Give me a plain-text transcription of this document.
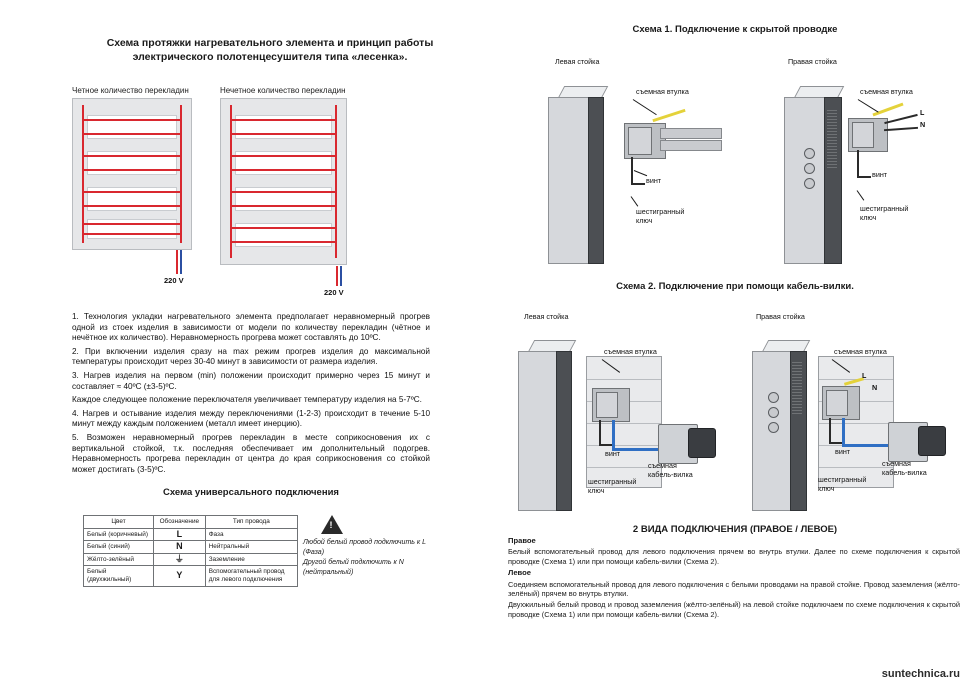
Схема протяжки нагревательного элемента и принцип работы электрического полотенцесушителя типа «лесенка».
Четное количество перекладин
220 V
Нечетное количество перекладин
220 V

1. Технология укладки нагревательного элемента предполагает неравномерный прогрев одной из стоек изделия в зависимости от модели по количеству перекладин (чётное и нечётное их количество). Неравномерность прогрева может составлять до 10ºС.

2. При включении изделия сразу на max режим прогрев изделия до максимальной температуры происходит через 30-40 минут в зависимости от размера изделия.

3. Нагрев изделия на первом (min) положении происходит примерно через 15 минут и составляет ≈ 40ºС (±3-5)ºС.

Каждое следующее положение переключателя увеличивает температуру изделия на 5-7ºС.

4. Нагрев и остывание изделия между переключениями (1-2-3) происходит в течение 5-10 минут между каждым положением (металл имеет инерцию).

5. Возможен неравномерный прогрев перекладин в месте соприкосновения их с вертикальной стойкой, т.к. последняя обеспечивает им дополнительный подогрев. Неравномерность прогрева перекладин от центра до края соприкосновения со стойкой может достигать (3-5)ºС.

Схема универсального подключения
Цвет	Обозначение	Тип провода
Белый (коричневый)	L	Фаза
Белый (синий)	N	Нейтральный
Жёлто-зелёный	⏚	Заземление
Белый (двухжильный)	Y	Вспомогательный провод для левого подключения
!
Любой белый провод подключить к L (Фаза)
Другой белый подключить к N (нейтральный)
Схема 1. Подключение к скрытой проводке
Левая стойка
съемная втулка
винт
шестигранный ключ
Правая стойка
L
N
съемная втулка
винт
шестигранный ключ
Схема 2. Подключение при помощи кабель-вилки.
Левая стойка
съемная втулка
винт
шестигранный ключ
съемная кабель-вилка
Правая стойка
L
N
съемная втулка
винт
шестигранный ключ
съемная кабель-вилка
2 ВИДА ПОДКЛЮЧЕНИЯ (ПРАВОЕ / ЛЕВОЕ)

Правое

Белый вспомогательный провод для левого подключения прячем во внутрь втулки. Далее по схеме подключения к скрытой проводке (Схема 1) или при помощи кабель-вилки (Схема 2).

Левое

Соединяем вспомогательный провод для левого подключения с белыми проводами на правой стойке. Провод заземления (жёлто-зелёный) прячем во внутрь втулки.

Двухжильный белый провод и провод заземления (жёлто-зелёный) на левой стойке подключаем по схеме подключения к скрытой проводке (Схема 1) или при помощи кабель-вилки (Схема 2).

suntechnica.ru
